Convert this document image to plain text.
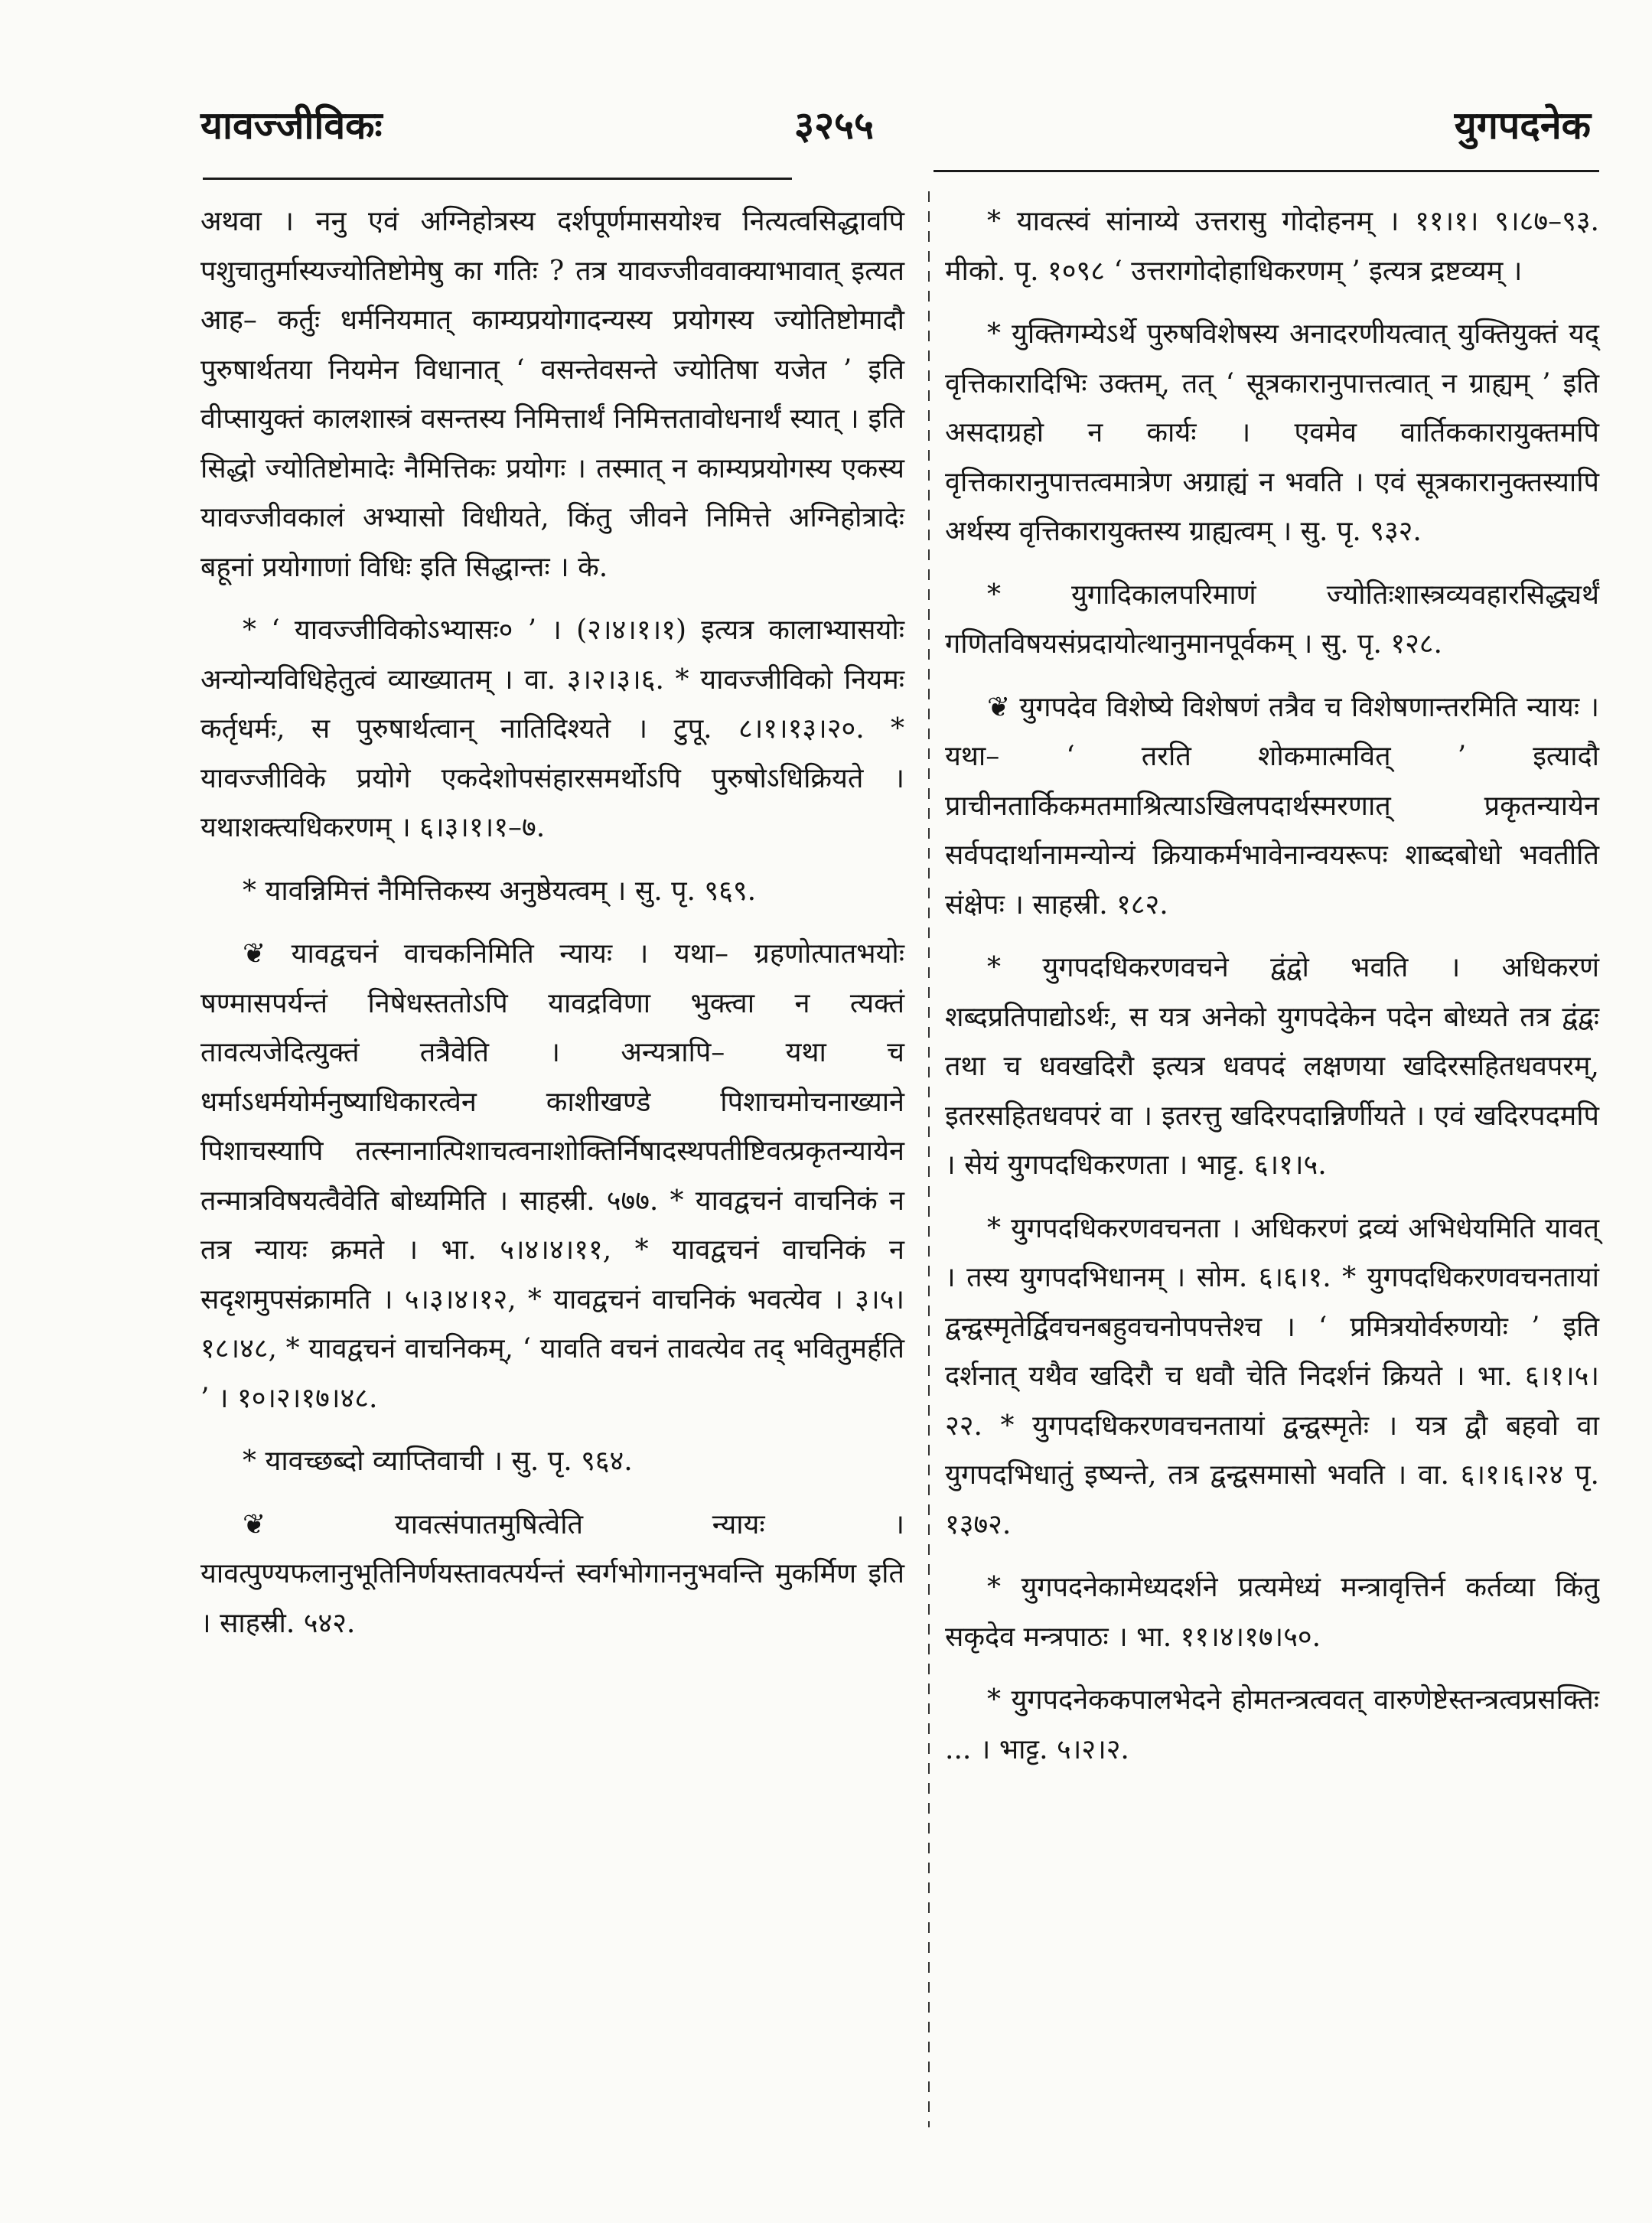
यावज्जीविकः	३२५५	युगपदनेक

अथवा । ननु एवं अग्निहोत्रस्य दर्शपूर्णमासयोश्च नित्यत्वसिद्धावपि पशुचातुर्मास्यज्योतिष्टोमेषु का गतिः ? तत्र यावज्जीववाक्याभावात् इत्यत आह– कर्तुः धर्मनियमात् काम्यप्रयोगादन्यस्य प्रयोगस्य ज्योतिष्टोमादौ पुरुषार्थतया नियमेन विधानात् ‘ वसन्तेवसन्ते ज्योतिषा यजेत ’ इति वीप्सायुक्तं कालशास्त्रं वसन्तस्य निमित्तार्थं निमित्ततावोधनार्थं स्यात् । इति सिद्धो ज्योतिष्टोमादेः नैमित्तिकः प्रयोगः । तस्मात् न काम्यप्रयोगस्य एकस्य यावज्जीवकालं अभ्यासो विधीयते, किंतु जीवने निमित्ते अग्निहोत्रादेः बहूनां प्रयोगाणां विधिः इति सिद्धान्तः । के.

* ‘ यावज्जीविकोऽभ्यासः० ’ । (२।४।१।१) इत्यत्र कालाभ्यासयोः अन्योन्यविधिहेतुत्वं व्याख्यातम् । वा. ३।२।३।६. * यावज्जीविको नियमः कर्तृधर्मः, स पुरुषार्थत्वान् नातिदिश्यते । टुपू. ८।१।१३।२०. * यावज्जीविके प्रयोगे एकदेशोपसंहारसमर्थोऽपि पुरुषोऽधिक्रियते । यथाशक्त्यधिकरणम् । ६।३।१।१–७.

* यावन्निमित्तं नैमित्तिकस्य अनुष्ठेयत्वम् । सु. पृ. ९६९.

❦ यावद्वचनं वाचकनिमिति न्यायः । यथा– ग्रहणोत्पातभयोः षण्मासपर्यन्तं निषेधस्ततोऽपि यावद्रविणा भुक्त्वा न त्यक्तं तावत्यजेदित्युक्तं तत्रैवेति । अन्यत्रापि– यथा च धर्माऽधर्मयोर्मनुष्याधिकारत्वेन काशीखण्डे पिशाचमोचनाख्याने पिशाचस्यापि तत्स्नानात्पिशाचत्वनाशोक्तिर्निषादस्थपतीष्टिवत्प्रकृतन्यायेन तन्मात्रविषयत्वैवेति बोध्यमिति । साहस्री. ५७७. * यावद्वचनं वाचनिकं न तत्र न्यायः क्रमते । भा. ५।४।४।११, * यावद्वचनं वाचनिकं न सदृशमुपसंक्रामति । ५।३।४।१२, * यावद्वचनं वाचनिकं भवत्येव । ३।५।१८।४८, * यावद्वचनं वाचनिकम्, ‘ यावति वचनं तावत्येव तद् भवितुमर्हति ’ । १०।२।१७।४८.

* यावच्छब्दो व्याप्तिवाची । सु. पृ. ९६४.

❦ यावत्संपातमुषित्वेति न्यायः । यावत्पुण्यफलानुभूतिनिर्णयस्तावत्पर्यन्तं स्वर्गभोगाननुभवन्ति मुकर्मिण इति । साहस्री. ५४२.

* यावत्स्वं सांनाय्ये उत्तरासु गोदोहनम् । ११।१। ९।८७–९३. मीको. पृ. १०९८ ‘ उत्तरागोदोहाधिकरणम् ’ इत्यत्र द्रष्टव्यम् ।

* युक्तिगम्येऽर्थे पुरुषविशेषस्य अनादरणीयत्वात् युक्तियुक्तं यद् वृत्तिकारादिभिः उक्तम्, तत् ‘ सूत्रकारानुपात्तत्वात् न ग्राह्यम् ’ इति असदाग्रहो न कार्यः । एवमेव वार्तिककारायुक्तमपि वृत्तिकारानुपात्तत्वमात्रेण अग्राह्यं न भवति । एवं सूत्रकारानुक्तस्यापि अर्थस्य वृत्तिकारायुक्तस्य ग्राह्यत्वम् । सु. पृ. ९३२.

* युगादिकालपरिमाणं ज्योतिःशास्त्रव्यवहारसिद्ध्यर्थं गणितविषयसंप्रदायोत्थानुमानपूर्वकम् । सु. पृ. १२८.

❦ युगपदेव विशेष्ये विशेषणं तत्रैव च विशेषणान्तरमिति न्यायः । यथा– ‘ तरति शोकमात्मवित् ’ इत्यादौ प्राचीनतार्किकमतमाश्रित्याऽखिलपदार्थस्मरणात् प्रकृतन्यायेन सर्वपदार्थानामन्योन्यं क्रियाकर्मभावेनान्वयरूपः शाब्दबोधो भवतीति संक्षेपः । साहस्री. १८२.

* युगपदधिकरणवचने द्वंद्वो भवति । अधिकरणं शब्दप्रतिपाद्योऽर्थः, स यत्र अनेको युगपदेकेन पदेन बोध्यते तत्र द्वंद्वः तथा च धवखदिरौ इत्यत्र धवपदं लक्षणया खदिरसहितधवपरम्, इतरसहितधवपरं वा । इतरत्तु खदिरपदान्निर्णीयते । एवं खदिरपदमपि । सेयं युगपदधिकरणता । भाट्ट. ६।१।५.

* युगपदधिकरणवचनता । अधिकरणं द्रव्यं अभिधेयमिति यावत् । तस्य युगपदभिधानम् । सोम. ६।६।१. * युगपदधिकरणवचनतायां द्वन्द्वस्मृतेर्द्विवचनबहुवचनोपपत्तेश्च । ‘ प्रमित्रयोर्वरुणयोः ’ इति दर्शनात् यथैव खदिरौ च धवौ चेति निदर्शनं क्रियते । भा. ६।१।५।२२. * युगपदधिकरणवचनतायां द्वन्द्वस्मृतेः । यत्र द्वौ बहवो वा युगपदभिधातुं इष्यन्ते, तत्र द्वन्द्वसमासो भवति । वा. ६।१।६।२४ पृ. १३७२.

* युगपदनेकामेध्यदर्शने प्रत्यमेध्यं मन्त्रावृत्तिर्न कर्तव्या किंतु सकृदेव मन्त्रपाठः । भा. ११।४।१७।५०.

* युगपदनेककपालभेदने होमतन्त्रत्ववत् वारुणेष्टेस्तन्त्रत्वप्रसक्तिः ... । भाट्ट. ५।२।२.
